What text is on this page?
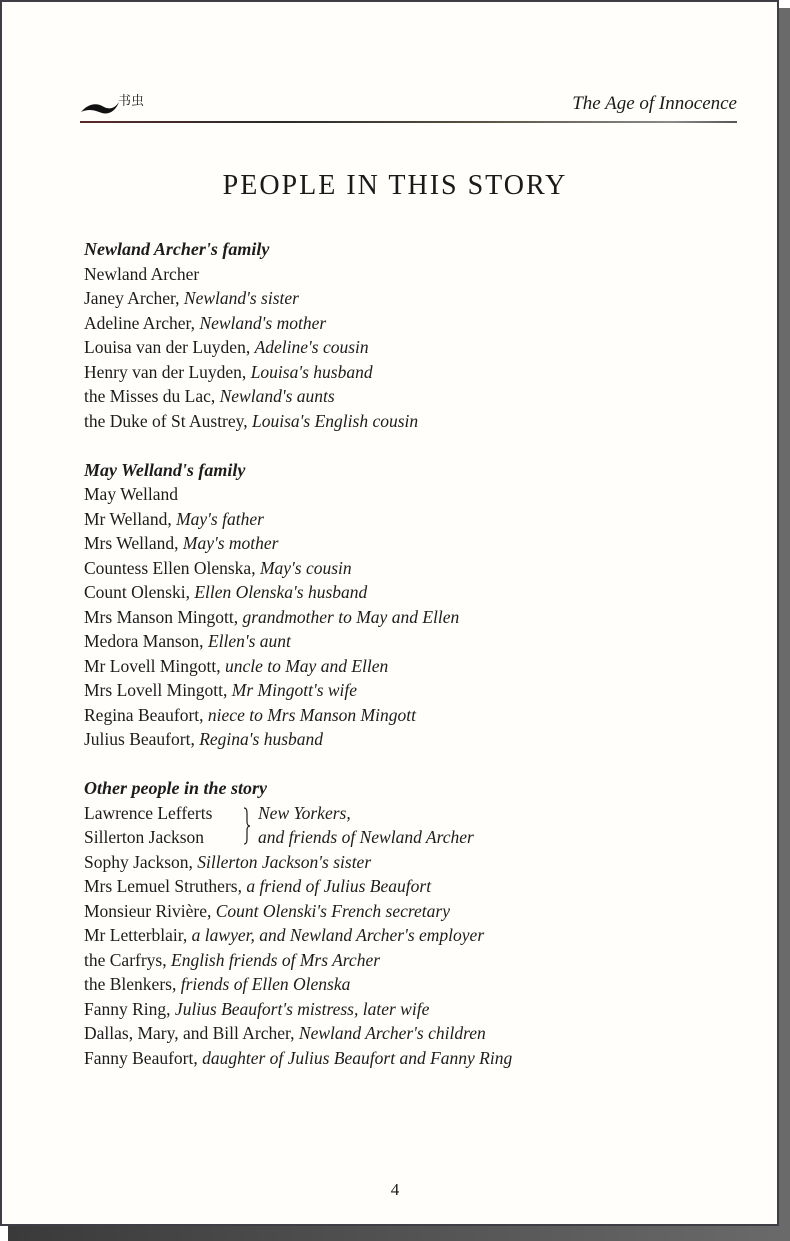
书虫	The Age of Innocence
PEOPLE IN THIS STORY
Newland Archer's family
Newland Archer
Janey Archer, Newland's sister
Adeline Archer, Newland's mother
Louisa van der Luyden, Adeline's cousin
Henry van der Luyden, Louisa's husband
the Misses du Lac, Newland's aunts
the Duke of St Austrey, Louisa's English cousin
May Welland's family
May Welland
Mr Welland, May's father
Mrs Welland, May's mother
Countess Ellen Olenska, May's cousin
Count Olenski, Ellen Olenska's husband
Mrs Manson Mingott, grandmother to May and Ellen
Medora Manson, Ellen's aunt
Mr Lovell Mingott, uncle to May and Ellen
Mrs Lovell Mingott, Mr Mingott's wife
Regina Beaufort, niece to Mrs Manson Mingott
Julius Beaufort, Regina's husband
Other people in the story
Lawrence Lefferts
Sillerton Jackson
New Yorkers,
and friends of Newland Archer
Sophy Jackson, Sillerton Jackson's sister
Mrs Lemuel Struthers, a friend of Julius Beaufort
Monsieur Rivière, Count Olenski's French secretary
Mr Letterblair, a lawyer, and Newland Archer's employer
the Carfrys, English friends of Mrs Archer
the Blenkers, friends of Ellen Olenska
Fanny Ring, Julius Beaufort's mistress, later wife
Dallas, Mary, and Bill Archer, Newland Archer's children
Fanny Beaufort, daughter of Julius Beaufort and Fanny Ring
4
